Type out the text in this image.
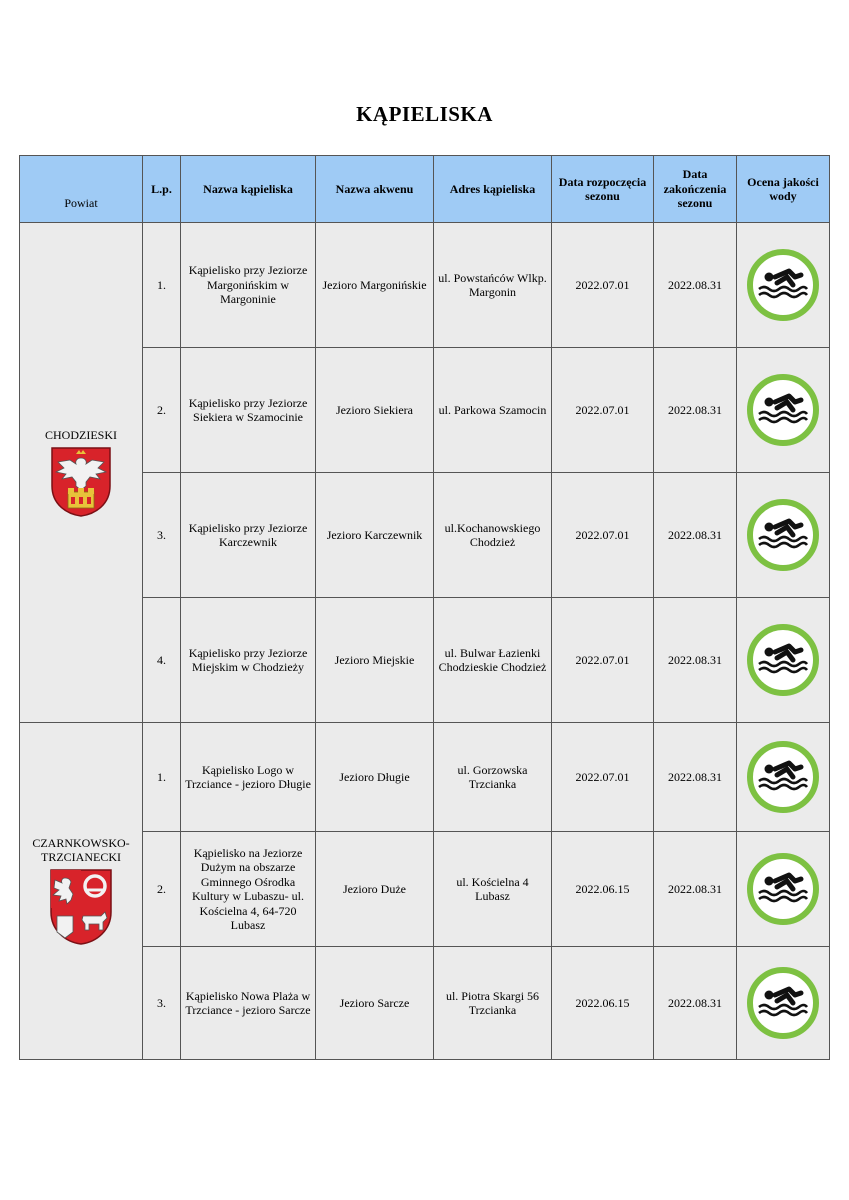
KĄPIELISKA
Powiat	L.p.	Nazwa kąpieliska	Nazwa akwenu	Adres kąpieliska	Data rozpoczęcia sezonu	Data zakończenia sezonu	Ocena jakości wody

CHODZIESKI	1.	Kąpielisko przy Jeziorze Margonińskim w Margoninie	Jezioro Margonińskie	ul. Powstańców Wlkp. Margonin	2022.07.01	2022.08.31	

	2.	Kąpielisko przy Jeziorze Siekiera w Szamocinie	Jezioro Siekiera	ul. Parkowa Szamocin	2022.07.01	2022.08.31	

	3.	Kąpielisko przy Jeziorze Karczewnik	Jezioro Karczewnik	ul.Kochanowskiego Chodzież	2022.07.01	2022.08.31	

	4.	Kąpielisko przy Jeziorze Miejskim w Chodzieży	Jezioro Miejskie	ul. Bulwar Łazienki Chodzieskie Chodzież	2022.07.01	2022.08.31	

CZARNKOWSKO-TRZCIANECKI	1.	Kąpielisko Logo w Trzciance - jezioro Długie	Jezioro Długie	ul. Gorzowska Trzcianka	2022.07.01	2022.08.31	

	2.	Kąpielisko na Jeziorze Dużym na obszarze Gminnego Ośrodka Kultury w Lubaszu- ul. Kościelna 4, 64-720 Lubasz	Jezioro Duże	ul. Kościelna 4 Lubasz	2022.06.15	2022.08.31	

	3.	Kąpielisko Nowa Plaża w Trzciance - jezioro Sarcze	Jezioro Sarcze	ul. Piotra Skargi 56 Trzcianka	2022.06.15	2022.08.31	
